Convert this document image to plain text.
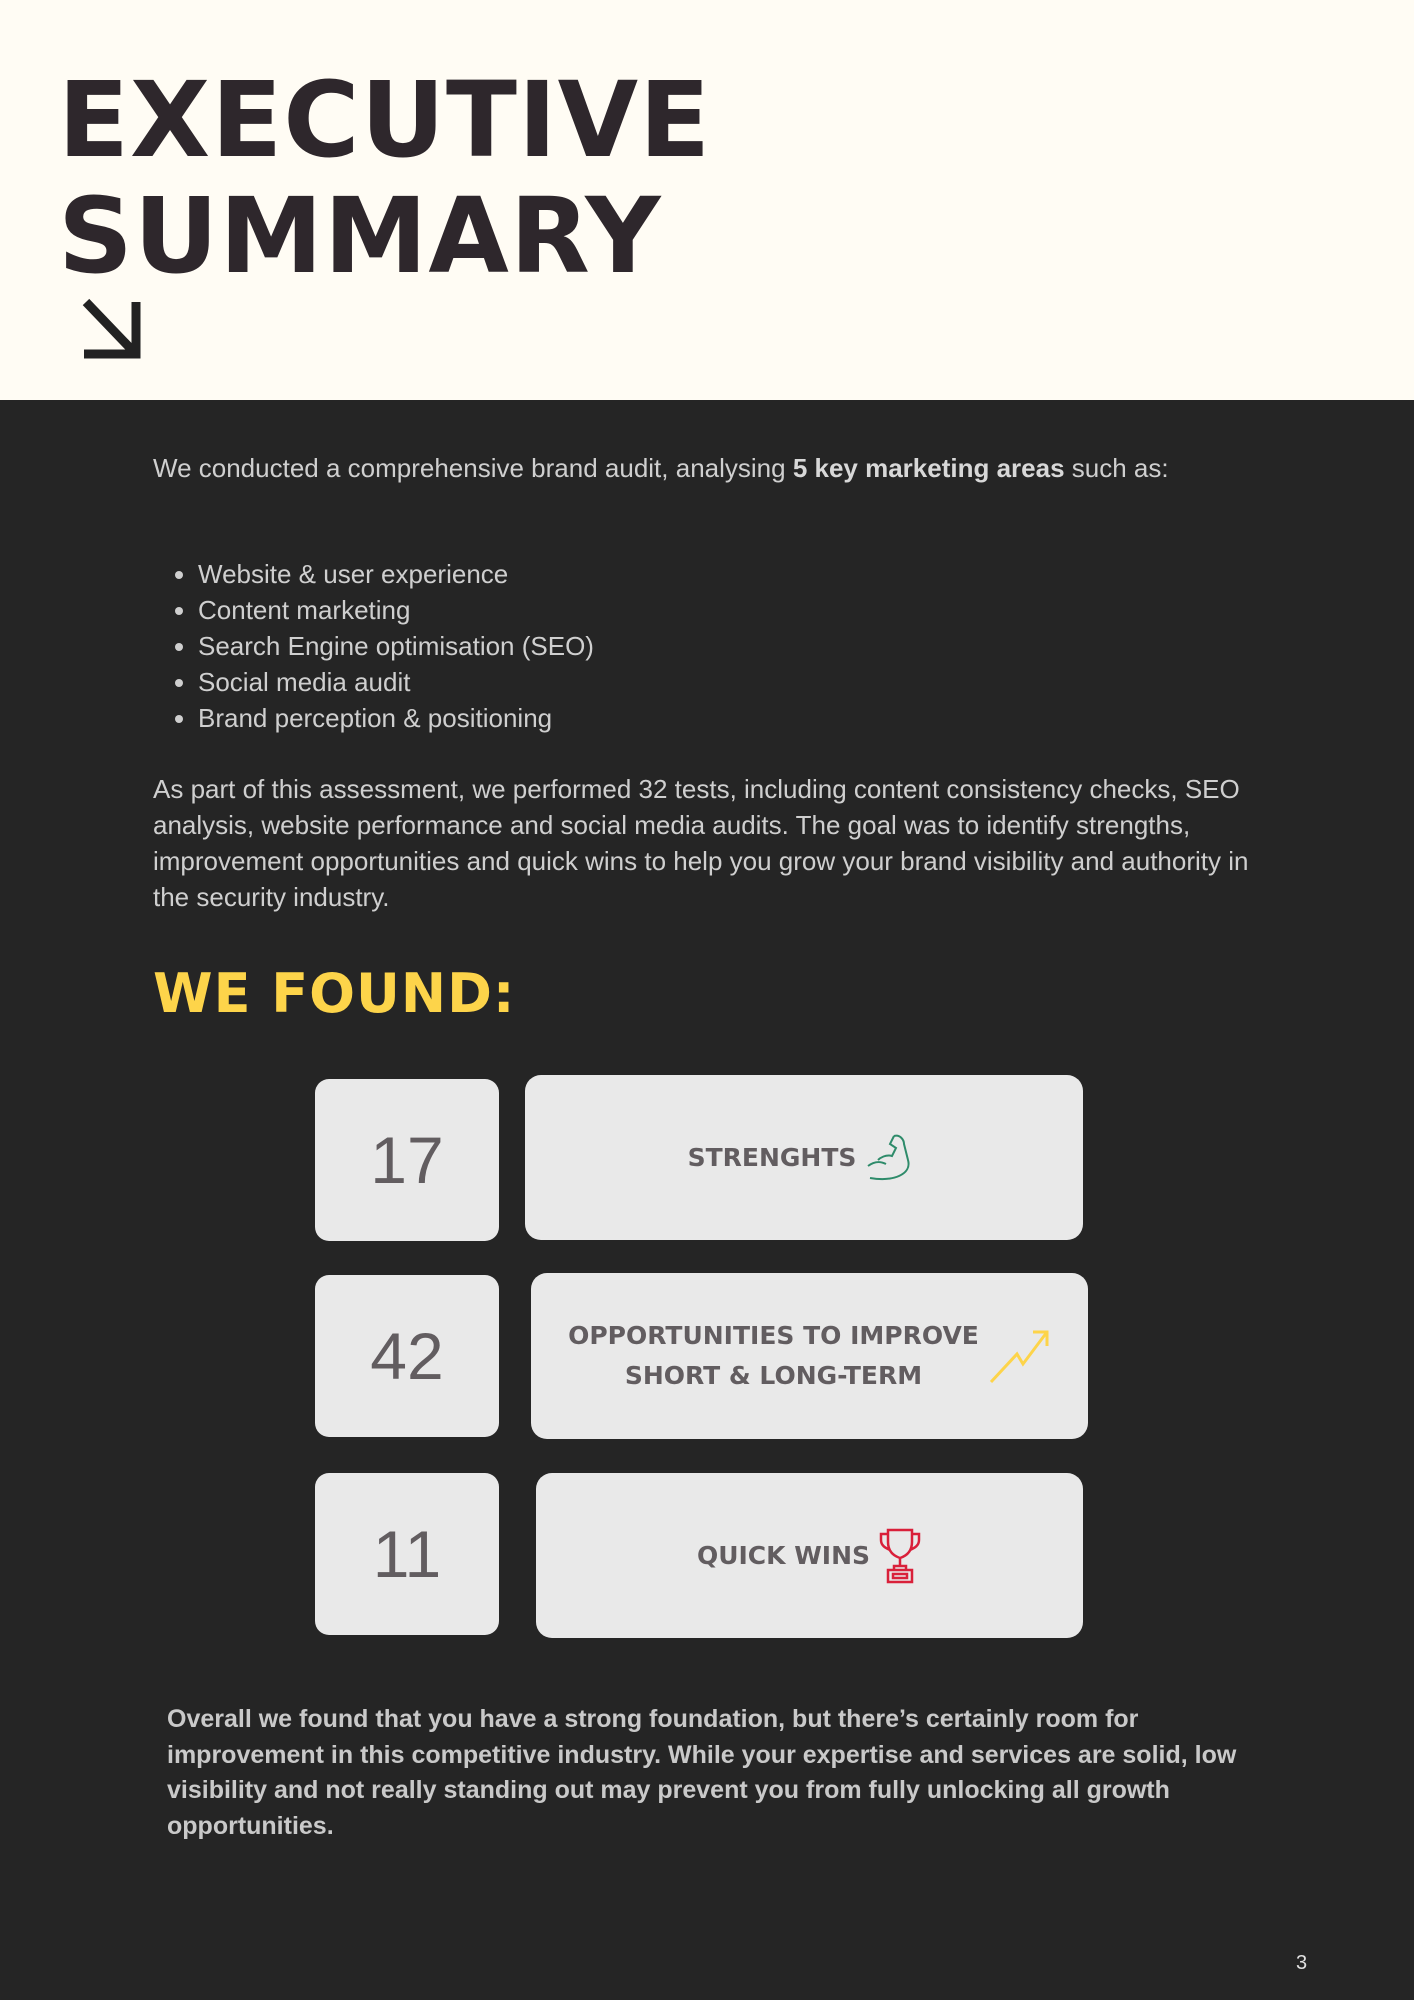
EXECUTIVE
SUMMARY
We conducted a comprehensive brand audit, analysing 5 key marketing areas such as:
• Website & user experience
• Content marketing
• Search Engine optimisation (SEO)
• Social media audit
• Brand perception & positioning
As part of this assessment, we performed 32 tests, including content consistency checks, SEO analysis, website performance and social media audits. The goal was to identify strengths, improvement opportunities and quick wins to help you grow your brand visibility and authority in the security industry.
WE FOUND:
17	STRENGHTS
42	OPPORTUNITIES TO IMPROVE
SHORT & LONG-TERM
11	QUICK WINS
Overall we found that you have a strong foundation, but there’s certainly room for improvement in this competitive industry. While your expertise and services are solid, low visibility and not really standing out may prevent you from fully unlocking all growth opportunities.
3
